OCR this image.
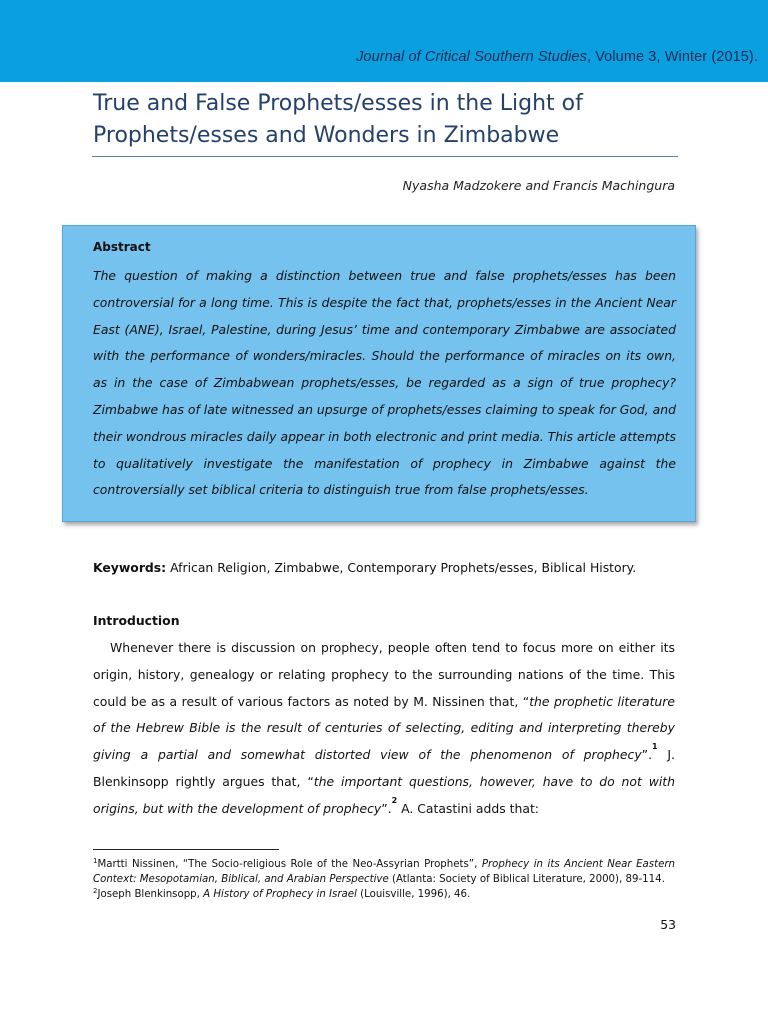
Journal of Critical Southern Studies, Volume 3, Winter (2015).
True and False Prophets/esses in the Light of Prophets/esses and Wonders in Zimbabwe
Nyasha Madzokere and Francis Machingura
Abstract

The question of making a distinction between true and false prophets/esses has been controversial for a long time. This is despite the fact that, prophets/esses in the Ancient Near East (ANE), Israel, Palestine, during Jesus’ time and contemporary Zimbabwe are associated with the performance of wonders/miracles. Should the performance of miracles on its own, as in the case of Zimbabwean prophets/esses, be regarded as a sign of true prophecy? Zimbabwe has of late witnessed an upsurge of prophets/esses claiming to speak for God, and their wondrous miracles daily appear in both electronic and print media. This article attempts to qualitatively investigate the manifestation of prophecy in Zimbabwe against the controversially set biblical criteria to distinguish true from false prophets/esses.

Keywords: African Religion, Zimbabwe, Contemporary Prophets/esses, Biblical History.
Introduction

Whenever there is discussion on prophecy, people often tend to focus more on either its origin, history, genealogy or relating prophecy to the surrounding nations of the time. This could be as a result of various factors as noted by M. Nissinen that, “the prophetic literature of the Hebrew Bible is the result of centuries of selecting, editing and interpreting thereby giving a partial and somewhat distorted view of the phenomenon of prophecy”.$^1$ J. Blenkinsopp rightly argues that, “the important questions, however, have to do not with origins, but with the development of prophecy”.$^2$ A. Catastini adds that:

$^1$Martti Nissinen, “The Socio-religious Role of the Neo-Assyrian Prophets”, Prophecy in its Ancient Near Eastern Context: Mesopotamian, Biblical, and Arabian Perspective (Atlanta: Society of Biblical Literature, 2000), 89-114.

$^2$Joseph Blenkinsopp, A History of Prophecy in Israel (Louisville, 1996), 46.

53
